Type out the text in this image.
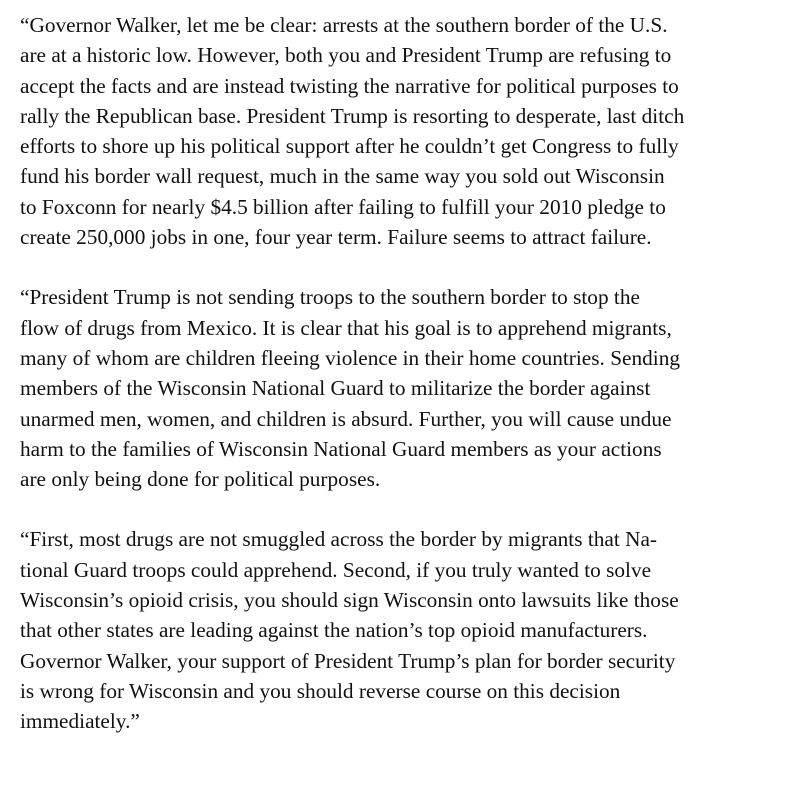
“Governor Walker, let me be clear: arrests at the southern border of the U.S.
are at a historic low. However, both you and President Trump are refusing to
accept the facts and are instead twisting the narrative for political purposes to
rally the Republican base. President Trump is resorting to desperate, last ditch
efforts to shore up his political support after he couldn’t get Congress to fully
fund his border wall request, much in the same way you sold out Wisconsin
to Foxconn for nearly $4.5 billion after failing to fulfill your 2010 pledge to
create 250,000 jobs in one, four year term. Failure seems to attract failure.

“President Trump is not sending troops to the southern border to stop the
flow of drugs from Mexico. It is clear that his goal is to apprehend migrants,
many of whom are children fleeing violence in their home countries. Sending
members of the Wisconsin National Guard to militarize the border against
unarmed men, women, and children is absurd. Further, you will cause undue
harm to the families of Wisconsin National Guard members as your actions
are only being done for political purposes.

“First, most drugs are not smuggled across the border by migrants that Na-
tional Guard troops could apprehend. Second, if you truly wanted to solve
Wisconsin’s opioid crisis, you should sign Wisconsin onto lawsuits like those
that other states are leading against the nation’s top opioid manufacturers.
Governor Walker, your support of President Trump’s plan for border security
is wrong for Wisconsin and you should reverse course on this decision
immediately.”
